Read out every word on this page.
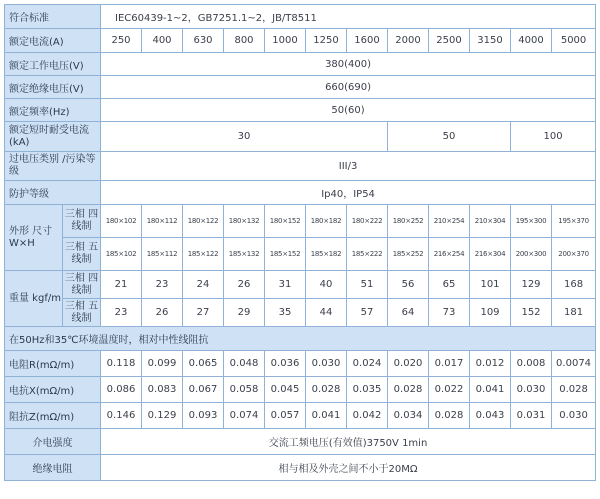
符合标准		IEC60439-1~2，GB7251.1~2，JB/T8511											
额定电流(A)		250	400	630	800	1000	1250	1600	2000	2500	3150	4000	5000
额定工作电压(V)		380(400)											
额定绝缘电压(V)		660(690)											
额定频率(Hz)		50(60)											
额定短时耐受电流 (kA)		30							50			100	
过电压类别 /污染等级		III/3											
防护等级		Ip40，IP54											
外形 尺寸 W×H	三相 四线制	180×102	180×112	180×122	180×132	180×152	180×182	180×222	180×252	210×254	210×304	195×300	195×370
	三相 五线制	185×102	185×112	185×122	185×132	185×152	185×182	185×222	185×252	216×254	216×304	200×300	200×370
重量 kgf/m	三相 四线制	21	23	24	26	31	40	51	56	65	101	129	168
	三相 五线制	23	26	27	29	35	44	57	64	73	109	152	181
在50Hz和35℃环境温度时，相对中性线阻抗													
电阻R(mΩ/m)		0.118	0.099	0.065	0.048	0.036	0.030	0.024	0.020	0.017	0.012	0.008	0.0074
电抗X(mΩ/m)		0.086	0.083	0.067	0.058	0.045	0.028	0.035	0.028	0.022	0.041	0.030	0.028
阻抗Z(mΩ/m)		0.146	0.129	0.093	0.074	0.057	0.041	0.042	0.034	0.028	0.043	0.031	0.030
介电强度		交流工频电压(有效值)3750V 1min											
绝缘电阻		相与相及外壳之间不小于20MΩ											
